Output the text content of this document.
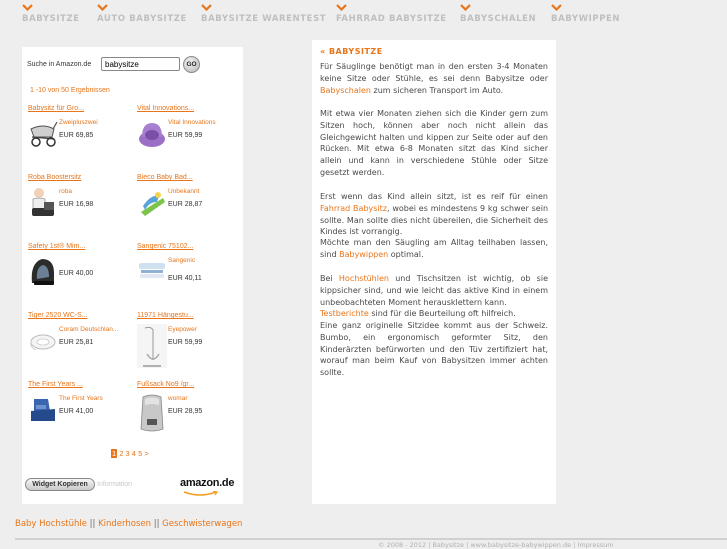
BABYSITZE AUTO BABYSITZE BABYSITZE WARENTEST FAHRRAD BABYSITZE BABYSCHALEN BABYWIPPEN
Suche in Amazon.de
babysitze	GO
1 -10 von 50 Ergebnissen
Babysitz für Gro...
Zweipluszwei
EUR 69,85
Vital Innovations...
Vital Innovations
EUR 59,99
Roba Boostersitz
roba
EUR 16,98
Bieco Baby Bad...
Unbekannt
EUR 28,87
Safety 1st® Mim...
EUR 40,00
Sangenic 75102...
Sangenic
EUR 40,11
Tiger 2520 WC-S...
Coram Deutschlan...
EUR 25,81
11971 Hängestu...
Eyepower
EUR 59,99
The First Years ...
The First Years
EUR 41,00
Fußsack No9 /gr...
womar
EUR 28,95
1 2 3 4 5 >
Widget Kopieren	Information	amazon.de
« BABYSITZE

Für Säuglinge benötigt man in den ersten 3-4 Monaten keine Sitze oder Stühle, es sei denn Babysitze oder Babyschalen zum sicheren Transport im Auto.

Mit etwa vier Monaten ziehen sich die Kinder gern zum Sitzen hoch, können aber noch nicht allein das Gleichgewicht halten und kippen zur Seite oder auf den Rücken. Mit etwa 6-8 Monaten sitzt das Kind sicher allein und kann in verschiedene Stühle oder Sitze gesetzt werden.

Erst wenn das Kind allein sitzt, ist es reif für einen Fahrrad Babysitz, wobei es mindestens 9 kg schwer sein sollte. Man sollte dies nicht übereilen, die Sicherheit des Kindes ist vorrangig.

Möchte man den Säugling am Alltag teilhaben lassen, sind Babywippen optimal.

Bei Hochstühlen und Tischsitzen ist wichtig, ob sie kippsicher sind, und wie leicht das aktive Kind in einem unbeobachteten Moment herausklettern kann.

Testberichte sind für die Beurteilung oft hilfreich.

Eine ganz originelle Sitzidee kommt aus der Schweiz. Bumbo, ein ergonomisch geformter Sitz, den Kinderärzten befürworten und den Tüv zertifiziert hat, worauf man beim Kauf von Babysitzen immer achten sollte.

Baby Hochstühle || Kinderhosen || Geschwisterwagen
© 2008 - 2012 | Babysitze | www.babysitze-babywippen.de | Impressum
